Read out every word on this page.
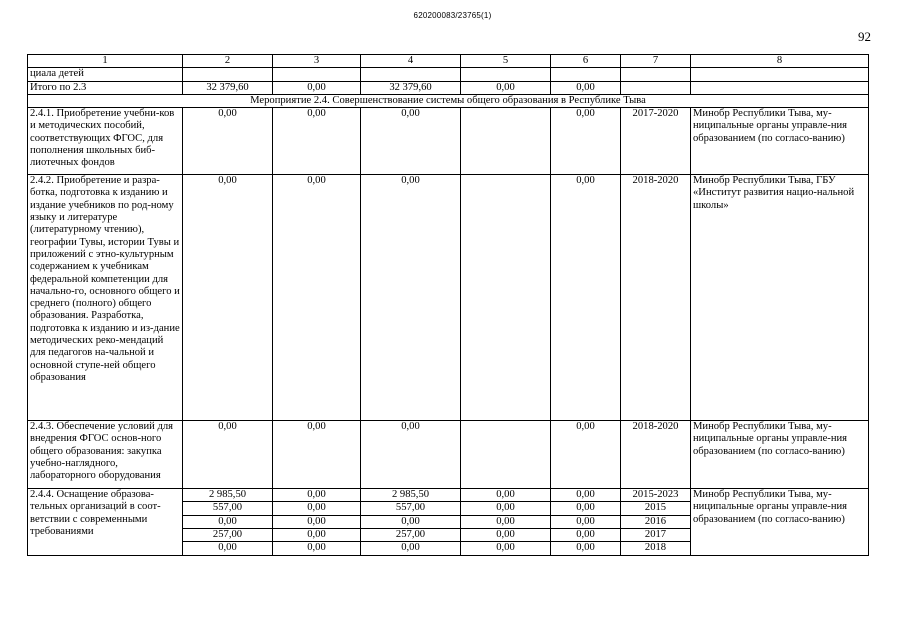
620200083/23765(1)
92
1	2	3	4	5	6	7	8
циала детей							
Итого по 2.3	32 379,60	0,00	32 379,60	0,00	0,00		
Мероприятие 2.4. Совершенствование системы общего образования в Республике Тыва							
2.4.1. Приобретение учебни-ков и методических пособий, соответствующих ФГОС, для пополнения школьных биб-лиотечных фондов	0,00	0,00	0,00		0,00	2017-2020	Минобр Республики Тыва, му-ниципальные органы управле-ния образованием (по согласо-ванию)
2.4.2. Приобретение и разра-ботка, подготовка к изданию и издание учебников по род-ному языку и литературе (литературному чтению), географии Тувы, истории Тувы и приложений с этно-культурным содержанием к учебникам федеральной компетенции для начально-го, основного общего и среднего (полного) общего образования. Разработка, подготовка к изданию и из-дание методических реко-мендаций для педагогов на-чальной и основной ступе-ней общего образования	0,00	0,00	0,00		0,00	2018-2020	Минобр Республики Тыва, ГБУ «Институт развития нацио-нальной школы»
2.4.3. Обеспечение условий для внедрения ФГОС основ-ного общего образования: закупка учебно-наглядного, лабораторного оборудования	0,00	0,00	0,00		0,00	2018-2020	Минобр Республики Тыва, му-ниципальные органы управле-ния образованием (по согласо-ванию)
2.4.4. Оснащение образова-тельных организаций в соот-ветствии с современными требованиями	2 985,50	0,00	2 985,50	0,00	0,00	2015-2023	Минобр Республики Тыва, му-ниципальные органы управле-ния образованием (по согласо-ванию)
	557,00	0,00	557,00	0,00	0,00	2015	
	0,00	0,00	0,00	0,00	0,00	2016	
	257,00	0,00	257,00	0,00	0,00	2017	
	0,00	0,00	0,00	0,00	0,00	2018	
